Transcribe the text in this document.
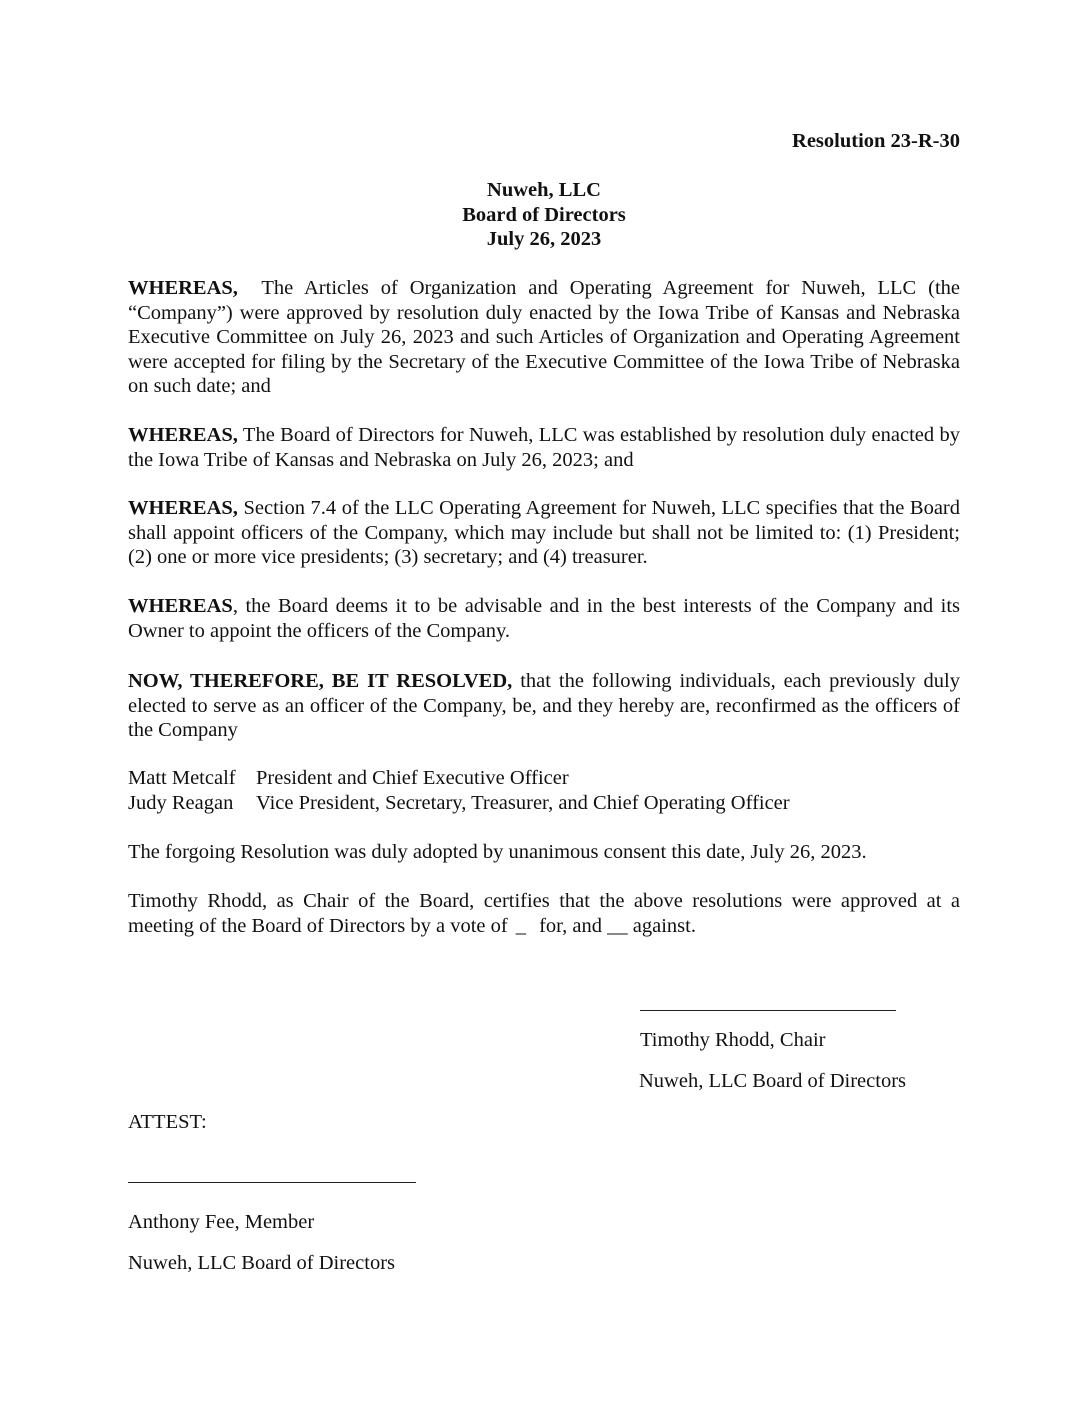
Resolution 23-R-30
Nuweh, LLC
Board of Directors
July 26, 2023
WHEREAS,  The Articles of Organization and Operating Agreement for Nuweh, LLC (the “Company”) were approved by resolution duly enacted by the Iowa Tribe of Kansas and Nebraska Executive Committee on July 26, 2023 and such Articles of Organization and Operating Agreement were accepted for filing by the Secretary of the Executive Committee of the Iowa Tribe of Nebraska on such date; and
WHEREAS, The Board of Directors for Nuweh, LLC was established by resolution duly enacted by the Iowa Tribe of Kansas and Nebraska on July 26, 2023; and
WHEREAS, Section 7.4 of the LLC Operating Agreement for Nuweh, LLC specifies that the Board shall appoint officers of the Company, which may include but shall not be limited to: (1) President; (2) one or more vice presidents; (3) secretary; and (4) treasurer.
WHEREAS, the Board deems it to be advisable and in the best interests of the Company and its Owner to appoint the officers of the Company.
NOW, THEREFORE, BE IT RESOLVED, that the following individuals, each previously duly elected to serve as an officer of the Company, be, and they hereby are, reconfirmed as the officers of the Company
Matt Metcalf President and Chief Executive Officer
Judy Reagan	Vice President, Secretary, Treasurer, and Chief Operating Officer
The forgoing Resolution was duly adopted by unanimous consent this date, July 26, 2023.
Timothy Rhodd, as Chair of the Board, certifies that the above resolutions were approved at a meeting of the Board of Directors by a vote of _  for, and __ against.
Timothy Rhodd, Chair
Nuweh, LLC Board of Directors
ATTEST:
Anthony Fee, Member
Nuweh, LLC Board of Directors
